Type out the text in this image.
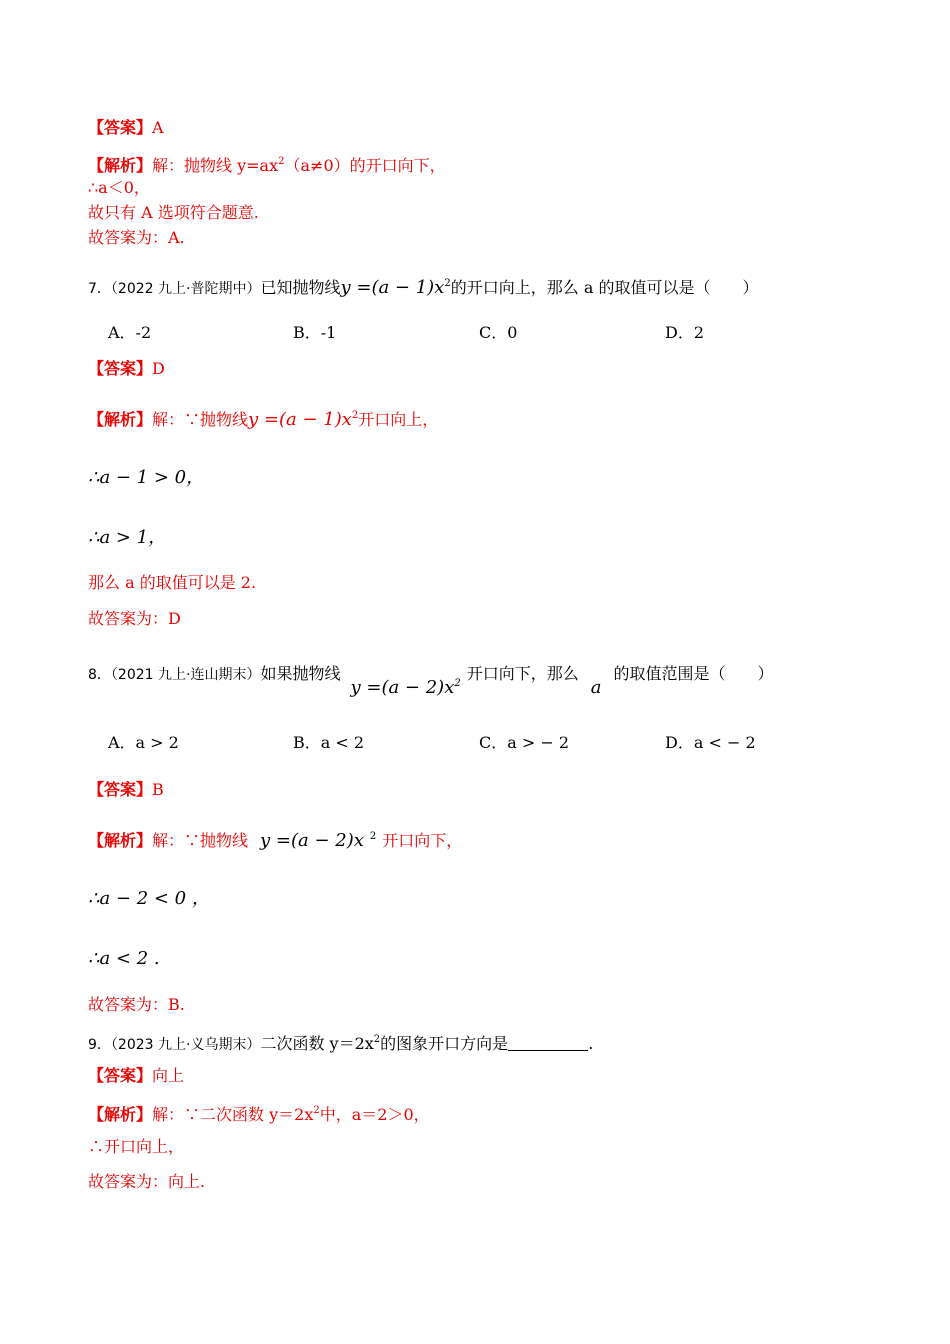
【答案】A
【解析】解：抛物线 $y=ax^2(a\ne 0)$的开口向下，
∴a＜0，
故只有 A 选项符合题意.
故答案为：A.
7．（2022 九上·普陀期中）已知抛物线$y =(a - 1)x^2$的开口向上，那么 a 的取值可以是（　　）
A．-2	B．-1	C．0	D．2
【答案】D
【解析】解：∵抛物线$y =(a - 1)x^2$开口向上，
∴a − 1 > 0，
∴a > 1，
那么 a 的取值可以是 2.
故答案为：D
8．（2021 九上·连山期末）如果抛物线$y =(a - 2)x^2$开口向下，那么a的取值范围是（　　）
A．a > 2	B．a < 2	C．a > − 2	D．a < − 2
【答案】B
【解析】解：∵抛物线 y =(a − 2)x $^2$ 开口向下，
∴a − 2 < 0 ，
∴a < 2 .
故答案为：B.
9．（2023 九上·义乌期末）二次函数 $y=2x^2$的图象开口方向是	.
【答案】向上
【解析】解：∵二次函数 $y=2x^2$中，a＝2＞0，
∴开口向上，
故答案为：向上.
